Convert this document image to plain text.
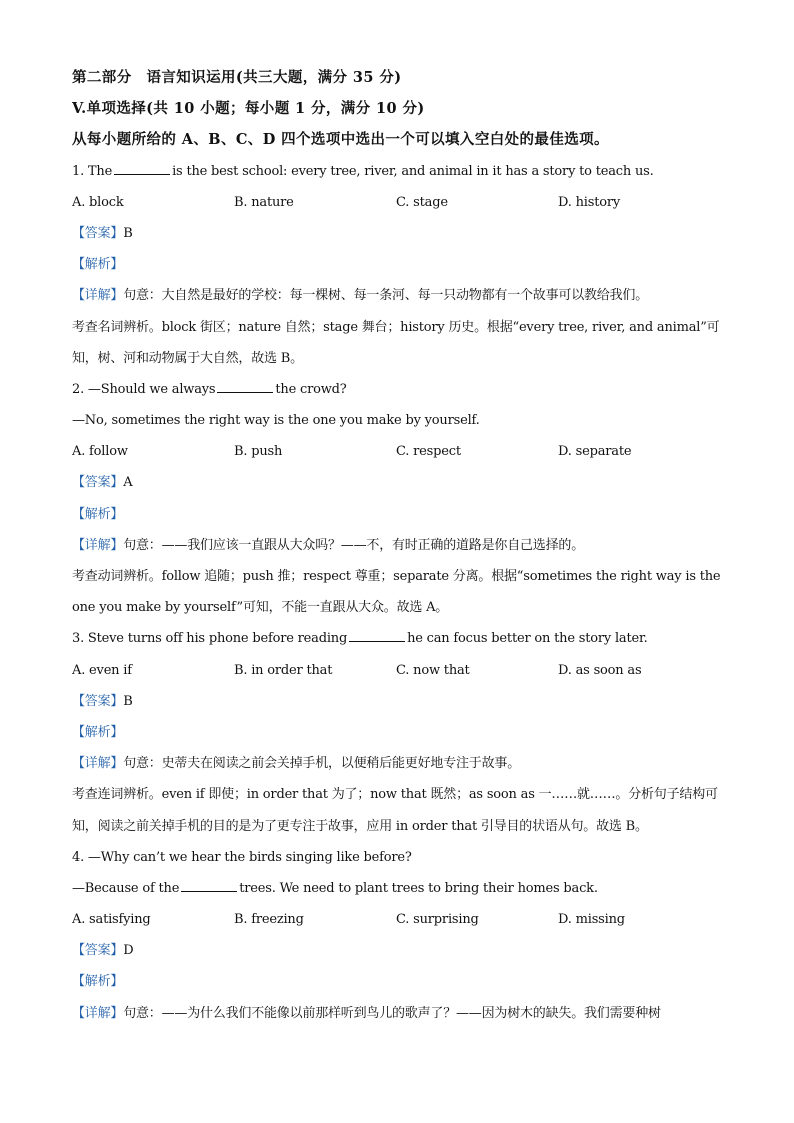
第二部分　语言知识运用(共三大题，满分 35 分)
V.单项选择(共 10 小题；每小题 1 分，满分 10 分)
从每小题所给的 A、B、C、D 四个选项中选出一个可以填入空白处的最佳选项。
1. The	is the best school: every tree, river, and animal in it has a story to teach us.
A. block	B. nature	C. stage	D. history
【答案】B
【解析】
【详解】句意：大自然是最好的学校：每一棵树、每一条河、每一只动物都有一个故事可以教给我们。
考查名词辨析。block 街区；nature 自然；stage 舞台；history 历史。根据“every tree, river, and animal”可
知，树、河和动物属于大自然，故选 B。
2. —Should we always	the crowd?
—No, sometimes the right way is the one you make by yourself.
A. follow	B. push	C. respect	D. separate
【答案】A
【解析】
【详解】句意：——我们应该一直跟从大众吗？——不，有时正确的道路是你自己选择的。
考查动词辨析。follow 追随；push 推；respect 尊重；separate 分离。根据“sometimes the right way is the
one you make by yourself”可知，不能一直跟从大众。故选 A。
3. Steve turns off his phone before reading	he can focus better on the story later.
A. even if	B. in order that	C. now that	D. as soon as
【答案】B
【解析】
【详解】句意：史蒂夫在阅读之前会关掉手机，以便稍后能更好地专注于故事。
考查连词辨析。even if 即使；in order that 为了；now that 既然；as soon as 一……就……。分析句子结构可
知，阅读之前关掉手机的目的是为了更专注于故事，应用 in order that 引导目的状语从句。故选 B。
4. —Why can’t we hear the birds singing like before?
—Because of the	trees. We need to plant trees to bring their homes back.
A. satisfying	B. freezing	C. surprising	D. missing
【答案】D
【解析】
【详解】句意：——为什么我们不能像以前那样听到鸟儿的歌声了？——因为树木的缺失。我们需要种树
